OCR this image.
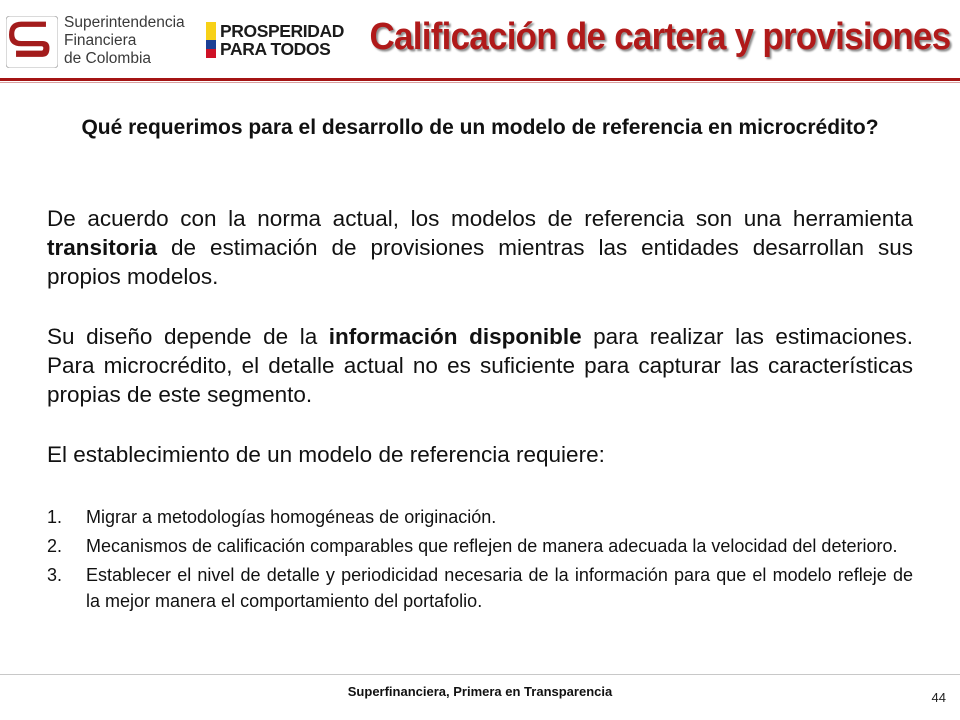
Superintendencia
Financiera
de Colombia
PROSPERIDAD
PARA TODOS	Calificación de cartera y provisiones
Qué requerimos para el desarrollo de un modelo de referencia en microcrédito?
De acuerdo con la norma actual, los modelos de referencia son una herramienta transitoria de estimación de provisiones mientras las entidades desarrollan sus propios modelos.
Su diseño depende de la información disponible para realizar las estimaciones. Para microcrédito, el detalle actual no es suficiente para capturar las características propias de este segmento.
El establecimiento de un modelo de referencia requiere:
1. Migrar a metodologías homogéneas de originación.
2. Mecanismos de calificación comparables que reflejen de manera adecuada la velocidad del deterioro.
3. Establecer el nivel de detalle y periodicidad necesaria de la información para que el modelo refleje de la mejor manera el comportamiento del portafolio.
Superfinanciera, Primera en Transparencia	44
